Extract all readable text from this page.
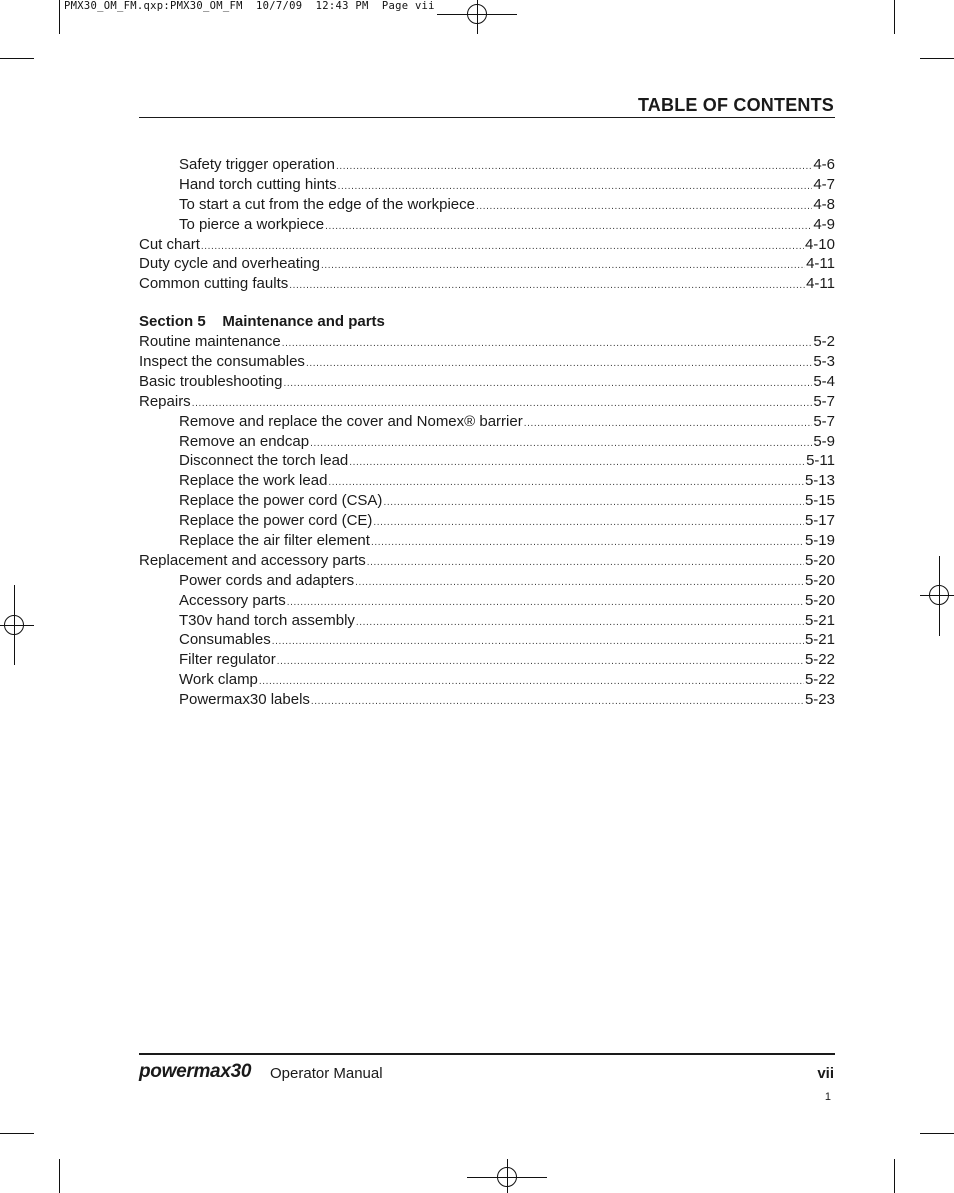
PMX30_OM_FM.qxp:PMX30_OM_FM  10/7/09  12:43 PM  Page vii
TABLE OF CONTENTS
Safety trigger operation .....	4-6
Hand torch cutting hints .....	4-7
To start a cut from the edge of the workpiece .....	4-8
To pierce a workpiece .....	4-9
Cut chart .....	4-10
Duty cycle and overheating .....	4-11
Common cutting faults .....	4-11
Section 5    Maintenance and parts
Routine maintenance .....	5-2
Inspect the consumables .....	5-3
Basic troubleshooting .....	5-4
Repairs .....	5-7
Remove and replace the cover and Nomex® barrier .....	5-7
Remove an endcap .....	5-9
Disconnect the torch lead .....	5-11
Replace the work lead .....	5-13
Replace the power cord (CSA) .....	5-15
Replace the power cord (CE) .....	5-17
Replace the air filter element .....	5-19
Replacement and accessory parts .....	5-20
Power cords and adapters .....	5-20
Accessory parts .....	5-20
T30v hand torch assembly .....	5-21
Consumables .....	5-21
Filter regulator .....	5-22
Work clamp .....	5-22
Powermax30 labels .....	5-23
powermax30 Operator Manual	vii
1
